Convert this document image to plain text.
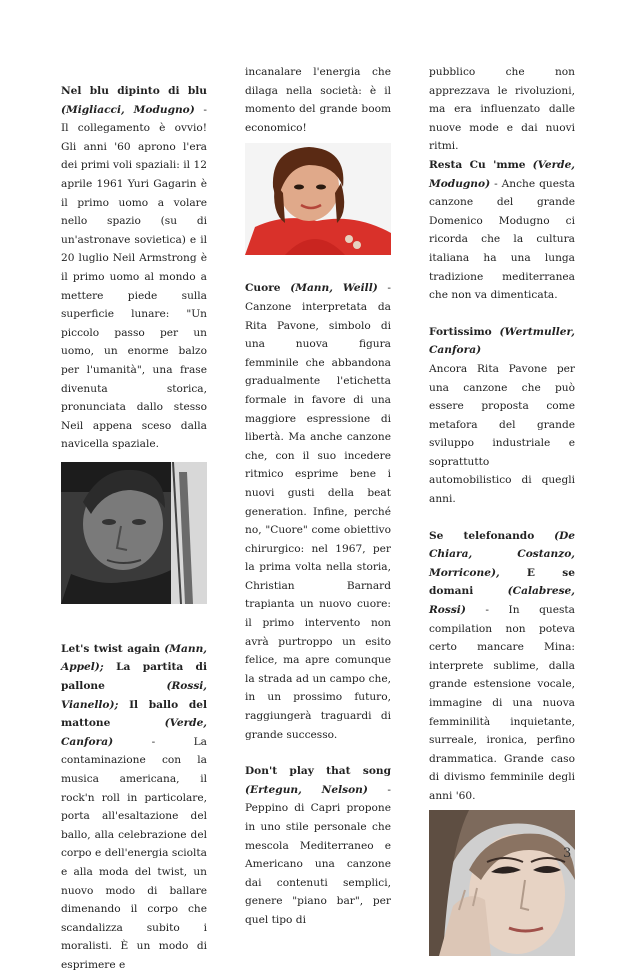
Nel blu dipinto di blu (Migliacci, Modugno) - Il collegamento è ovvio! Gli anni '60 aprono l'era dei primi voli spaziali: il 12 aprile 1961 Yuri Gagarin è il primo uomo a volare nello spazio (su di un'astronave sovietica) e il 20 luglio Neil Armstrong è il primo uomo al mondo a mettere piede sulla superficie lunare: "Un piccolo passo per un uomo, un enorme balzo per l'umanità", una frase divenuta storica, pronunciata dallo stesso Neil appena sceso dalla navicella spaziale.

Let's twist again (Mann, Appel); La partita di pallone	(Rossi, Vianello); Il ballo del mattone	(Verde, Canfora) - La contaminazione con la musica americana, il rock'n roll in particolare, porta all'esaltazione del ballo, alla celebrazione del corpo e dell'energia sciolta e alla moda del twist, un nuovo modo di ballare dimenando il corpo che scandalizza subito i moralisti. È un modo di esprimere e

incanalare l'energia che dilaga nella società: è il momento del grande boom economico!

Cuore (Mann, Weill) - Canzone interpretata da Rita Pavone, simbolo di una nuova figura femminile che abbandona gradualmente l'etichetta formale in favore di una maggiore espressione di libertà. Ma anche canzone che, con il suo incedere ritmico esprime bene i nuovi gusti della beat generation. Infine, perché no, "Cuore" come obiettivo chirurgico: nel 1967, per la prima volta nella storia, Christian Barnard trapianta un nuovo cuore: il primo intervento non avrà purtroppo un esito felice, ma apre comunque la strada ad un campo che, in un prossimo futuro, raggiungerà traguardi di grande successo.

Don't play that song (Ertegun, Nelson) - Peppino di Capri propone in uno stile personale che mescola Mediterraneo e Americano una canzone dai contenuti semplici, genere "piano bar", per quel tipo di

pubblico che non apprezzava le rivoluzioni, ma era influenzato dalle nuove mode e dai nuovi ritmi.

Resta Cu 'mme (Verde, Modugno) - Anche questa canzone del grande Domenico Modugno ci ricorda che la cultura italiana ha una lunga tradizione mediterranea che non va dimenticata.

Fortissimo (Wertmuller, Canfora)

Ancora Rita Pavone per una canzone che può essere proposta come metafora del grande sviluppo industriale e soprattutto automobilistico di quegli anni.

Se telefonando (De Chiara, Costanzo, Morricone), E se domani	(Calabrese, Rossi) - In questa compilation non poteva certo mancare Mina: interprete sublime, dalla grande estensione vocale, immagine di una nuova femminilità inquietante, surreale, ironica, perfino drammatica. Grande caso di divismo femminile degli anni '60.

3
